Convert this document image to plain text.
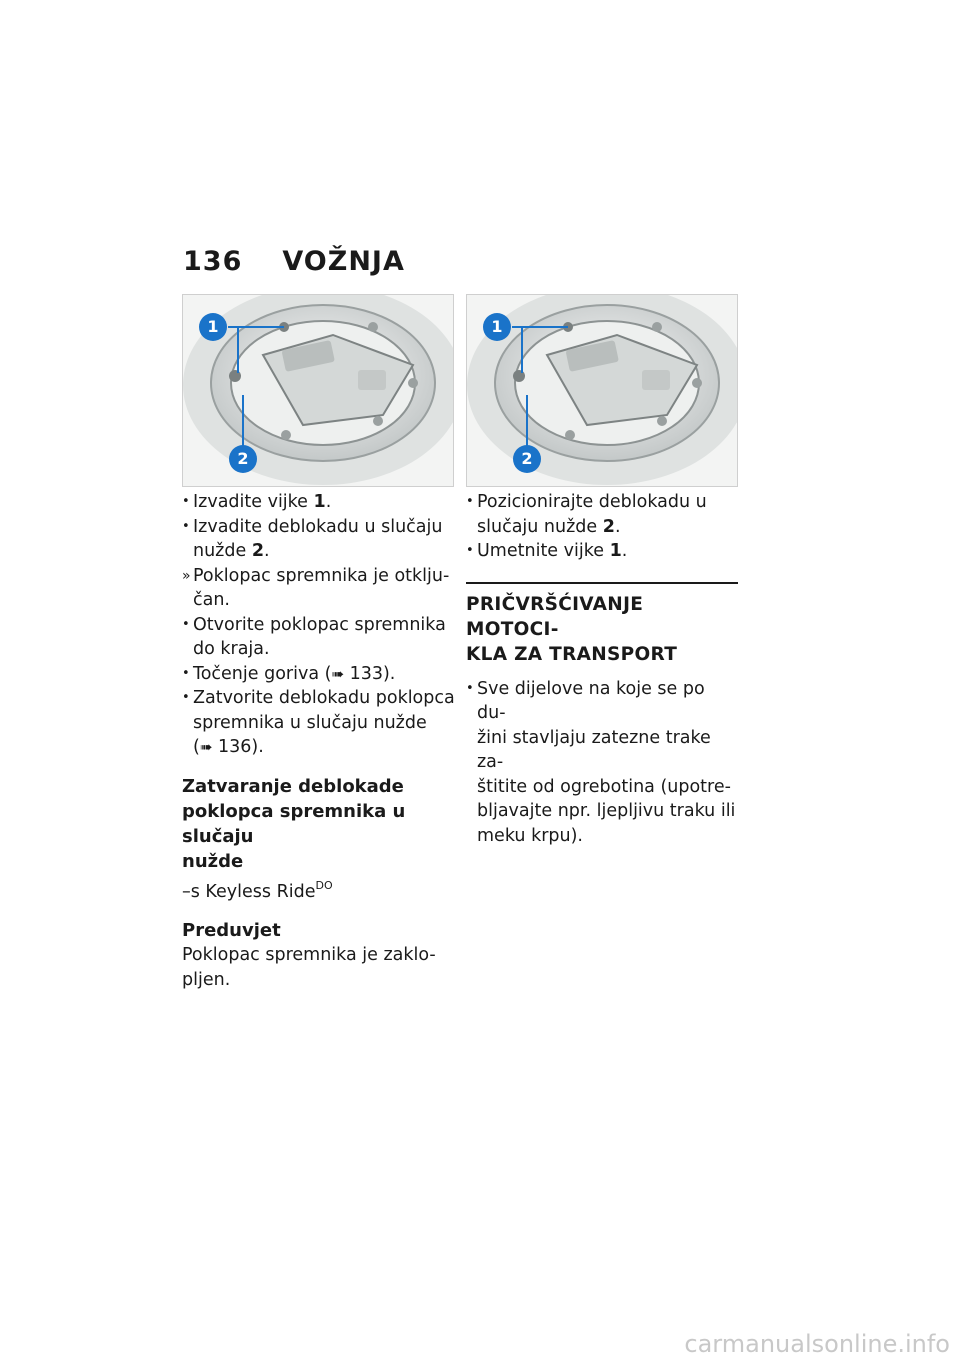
136 VOŽNJA
1
2
1
2
• Izvadite vijke 1.
• Izvadite deblokadu u slučaju
nužde 2.
» Poklopac spremnika je otklju-
čan.
• Otvorite poklopac spremnika
do kraja.
• Točenje goriva (➠ 133).
• Zatvorite deblokadu poklopca
spremnika u slučaju nužde
(➠ 136).
Zatvaranje deblokade
poklopca spremnika u slučaju
nužde
–s Keyless Ride$^{DO}$
Preduvjet
Poklopac spremnika je zaklo-
pljen.
• Pozicionirajte deblokadu u
slučaju nužde 2.
• Umetnite vijke 1.
PRIČVRŠĆIVANJE MOTOCI-
KLA ZA TRANSPORT
• Sve dijelove na koje se po du-
žini stavljaju zatezne trake za-
štitite od ogrebotina (upotre-
bljavajte npr. ljepljivu traku ili
meku krpu).
carmanualsonline.info
